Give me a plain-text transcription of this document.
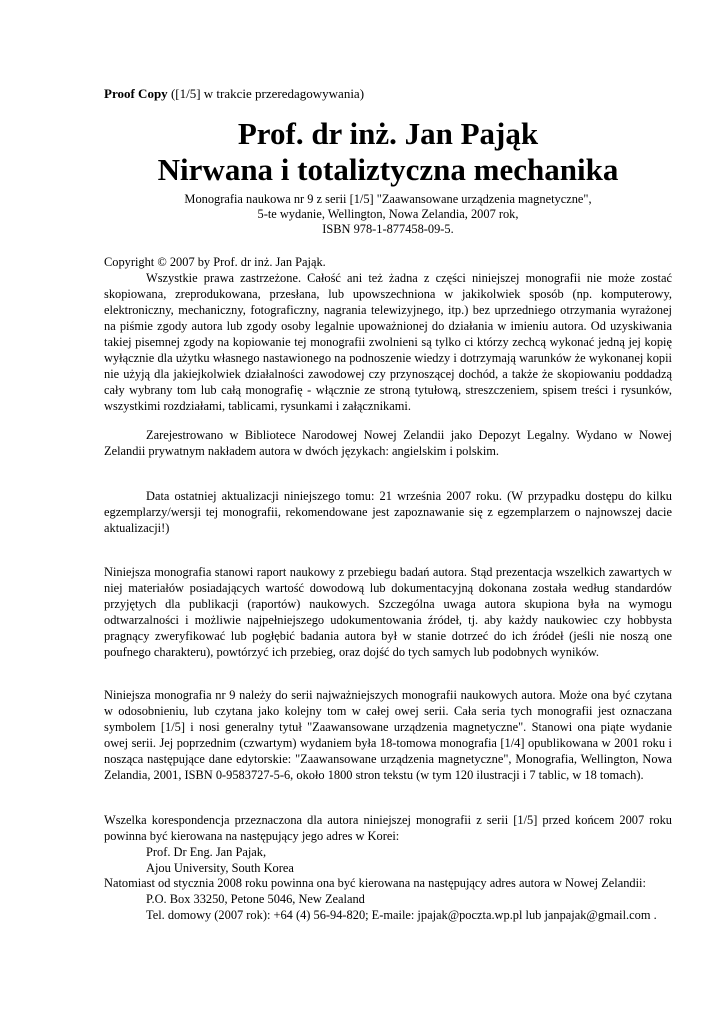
Proof Copy ([1/5] w trakcie przeredagowywania)
Prof. dr inż. Jan Pająk
Nirwana i totaliztyczna mechanika
Monografia naukowa nr 9 z serii [1/5] "Zaawansowane urządzenia magnetyczne",
5-te wydanie, Wellington, Nowa Zelandia, 2007 rok,
ISBN 978-1-877458-09-5.
Copyright © 2007 by Prof. dr inż. Jan Pająk.
Wszystkie prawa zastrzeżone. Całość ani też żadna z części niniejszej monografii nie może zostać skopiowana, zreprodukowana, przesłana, lub upowszechniona w jakikolwiek sposób (np. komputerowy, elektroniczny, mechaniczny, fotograficzny, nagrania telewizyjnego, itp.) bez uprzedniego otrzymania wyrażonej na piśmie zgody autora lub zgody osoby legalnie upoważnionej do działania w imieniu autora. Od uzyskiwania takiej pisemnej zgody na kopiowanie tej monografii zwolnieni są tylko ci którzy zechcą wykonać jedną jej kopię wyłącznie dla użytku własnego nastawionego na podnoszenie wiedzy i dotrzymają warunków że wykonanej kopii nie użyją dla jakiejkolwiek działalności zawodowej czy przynoszącej dochód, a także że skopiowaniu poddadzą cały wybrany tom lub całą monografię - włącznie ze stroną tytułową, streszczeniem, spisem treści i rysunków, wszystkimi rozdziałami, tablicami, rysunkami i załącznikami.
Zarejestrowano w Bibliotece Narodowej Nowej Zelandii jako Depozyt Legalny. Wydano w Nowej Zelandii prywatnym nakładem autora w dwóch językach: angielskim i polskim.
Data ostatniej aktualizacji niniejszego tomu: 21 września 2007 roku. (W przypadku dostępu do kilku egzemplarzy/wersji tej monografii, rekomendowane jest zapoznawanie się z egzemplarzem o najnowszej dacie aktualizacji!)
Niniejsza monografia stanowi raport naukowy z przebiegu badań autora. Stąd prezentacja wszelkich zawartych w niej materiałów posiadających wartość dowodową lub dokumentacyjną dokonana została według standardów przyjętych dla publikacji (raportów) naukowych. Szczególna uwaga autora skupiona była na wymogu odtwarzalności i możliwie najpełniejszego udokumentowania źródeł, tj. aby każdy naukowiec czy hobbysta pragnący zweryfikować lub pogłębić badania autora był w stanie dotrzeć do ich źródeł (jeśli nie noszą one poufnego charakteru), powtórzyć ich przebieg, oraz dojść do tych samych lub podobnych wyników.
Niniejsza monografia nr 9 należy do serii najważniejszych monografii naukowych autora. Może ona być czytana w odosobnieniu, lub czytana jako kolejny tom w całej owej serii. Cała seria tych monografii jest oznaczana symbolem [1/5] i nosi generalny tytuł "Zaawansowane urządzenia magnetyczne". Stanowi ona piąte wydanie owej serii. Jej poprzednim (czwartym) wydaniem była 18-tomowa monografia [1/4] opublikowana w 2001 roku i nosząca następujące dane edytorskie: "Zaawansowane urządzenia magnetyczne", Monografia, Wellington, Nowa Zelandia, 2001, ISBN 0-9583727-5-6, około 1800 stron tekstu (w tym 120 ilustracji i 7 tablic, w 18 tomach).
Wszelka korespondencja przeznaczona dla autora niniejszej monografii z serii [1/5] przed końcem 2007 roku powinna być kierowana na następujący jego adres w Korei:
Prof. Dr Eng. Jan Pajak,
Ajou University, South Korea
Natomiast od stycznia 2008 roku powinna ona być kierowana na następujący adres autora w Nowej Zelandii:
P.O. Box 33250, Petone 5046, New Zealand
Tel. domowy (2007 rok): +64 (4) 56-94-820; E-maile: jpajak@poczta.wp.pl lub janpajak@gmail.com .
